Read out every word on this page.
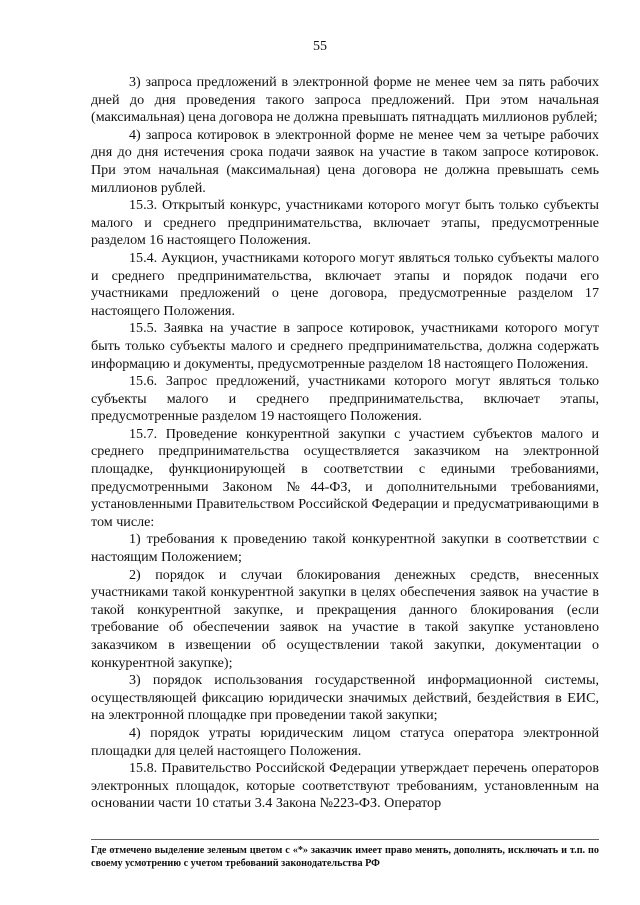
55

3) запроса предложений в электронной форме не менее чем за пять рабочих дней до дня проведения такого запроса предложений. При этом начальная (максимальная) цена договора не должна превышать пятнадцать миллионов рублей;

4) запроса котировок в электронной форме не менее чем за четыре рабочих дня до дня истечения срока подачи заявок на участие в таком запросе котировок. При этом начальная (максимальная) цена договора не должна превышать семь миллионов рублей.

15.3. Открытый конкурс, участниками которого могут быть только субъекты малого и среднего предпринимательства, включает этапы, предусмотренные разделом 16 настоящего Положения.

15.4. Аукцион, участниками которого могут являться только субъекты малого и среднего предпринимательства, включает этапы и порядок подачи его участниками предложений о цене договора, предусмотренные разделом 17 настоящего Положения.

15.5. Заявка на участие в запросе котировок, участниками которого могут быть только субъекты малого и среднего предпринимательства, должна содержать информацию и документы, предусмотренные разделом 18 настоящего Положения.

15.6. Запрос предложений, участниками которого могут являться только субъекты малого и среднего предпринимательства, включает этапы, предусмотренные разделом 19 настоящего Положения.

15.7. Проведение конкурентной закупки с участием субъектов малого и среднего предпринимательства осуществляется заказчиком на электронной площадке, функционирующей в соответствии с едиными требованиями, предусмотренными Законом №44-ФЗ, и дополнительными требованиями, установленными Правительством Российской Федерации и предусматривающими в том числе:

1) требования к проведению такой конкурентной закупки в соответствии с настоящим Положением;

2) порядок и случаи блокирования денежных средств, внесенных участниками такой конкурентной закупки в целях обеспечения заявок на участие в такой конкурентной закупке, и прекращения данного блокирования (если требование об обеспечении заявок на участие в такой закупке установлено заказчиком в извещении об осуществлении такой закупки, документации о конкурентной закупке);

3) порядок использования государственной информационной системы, осуществляющей фиксацию юридически значимых действий, бездействия в ЕИС, на электронной площадке при проведении такой закупки;

4) порядок утраты юридическим лицом статуса оператора электронной площадки для целей настоящего Положения.

15.8. Правительство Российской Федерации утверждает перечень операторов электронных площадок, которые соответствуют требованиям, установленным на основании части 10 статьи 3.4 Закона №223-ФЗ. Оператор

Где отмечено выделение зеленым цветом с «*» заказчик имеет право менять, дополнять, исключать и т.п. по своему усмотрению с учетом требований законодательства РФ
